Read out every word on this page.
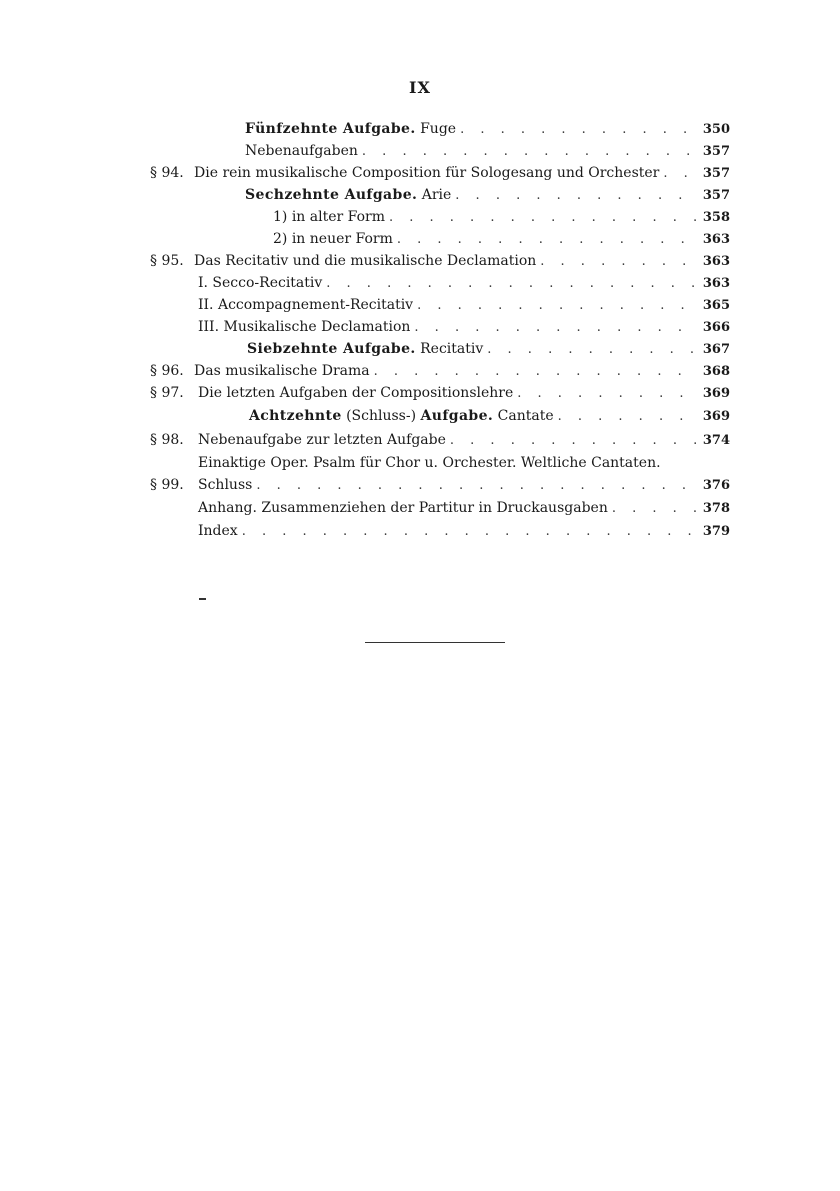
IX
Fünfzehnte Aufgabe. Fuge . . .	350
Nebenaufgaben . . .	357
§ 94. Die rein musikalische Composition für Sologesang und Orchester . . .	357
Sechzehnte Aufgabe. Arie . . .	357
1) in alter Form . . .	358
2) in neuer Form . . .	363
§ 95. Das Recitativ und die musikalische Declamation . . .	363
I. Secco-Recitativ . . .	363
II. Accompagnement-Recitativ . . .	365
III. Musikalische Declamation . . .	366
Siebzehnte Aufgabe. Recitativ . . .	367
§ 96. Das musikalische Drama . . .	368
§ 97. Die letzten Aufgaben der Compositionslehre . . .	369
Achtzehnte (Schluss-) Aufgabe. Cantate . . .	369
§ 98. Nebenaufgabe zur letzten Aufgabe . . .	374
Einaktige Oper. Psalm für Chor u. Orchester. Weltliche Cantaten.
§ 99. Schluss . . .	376
Anhang. Zusammenziehen der Partitur in Druckausgaben . . .	378
Index . . .	379
